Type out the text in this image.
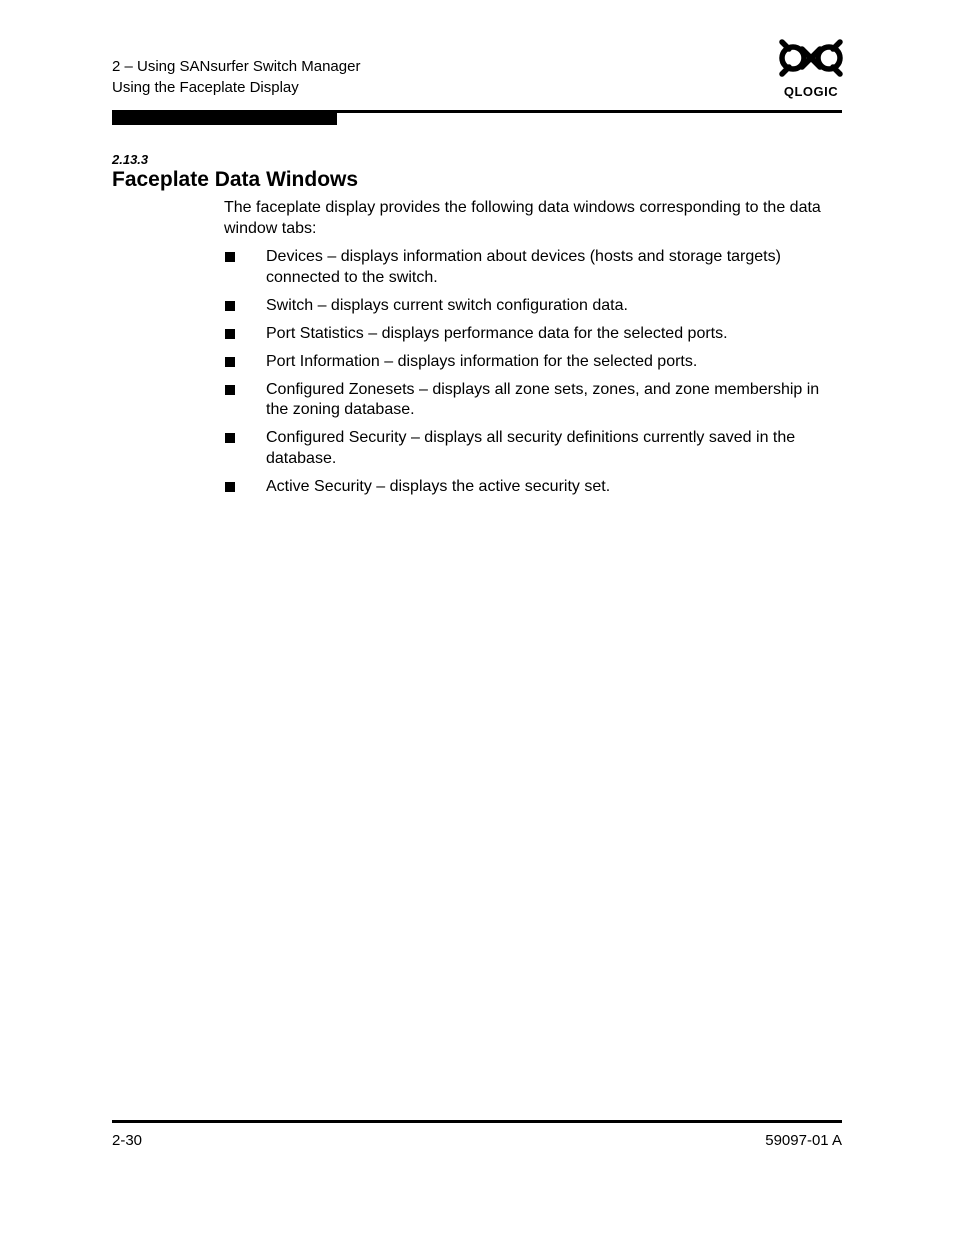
2 – Using SANsurfer Switch Manager
Using the Faceplate Display	QLOGIC
2.13.3
Faceplate Data Windows

The faceplate display provides the following data windows corresponding to the data window tabs:

Devices – displays information about devices (hosts and storage targets) connected to the switch.
Switch – displays current switch configuration data.
Port Statistics – displays performance data for the selected ports.
Port Information – displays information for the selected ports.
Configured Zonesets – displays all zone sets, zones, and zone membership in the zoning database.
Configured Security – displays all security definitions currently saved in the database.
Active Security – displays the active security set.
2-30	59097-01 A
